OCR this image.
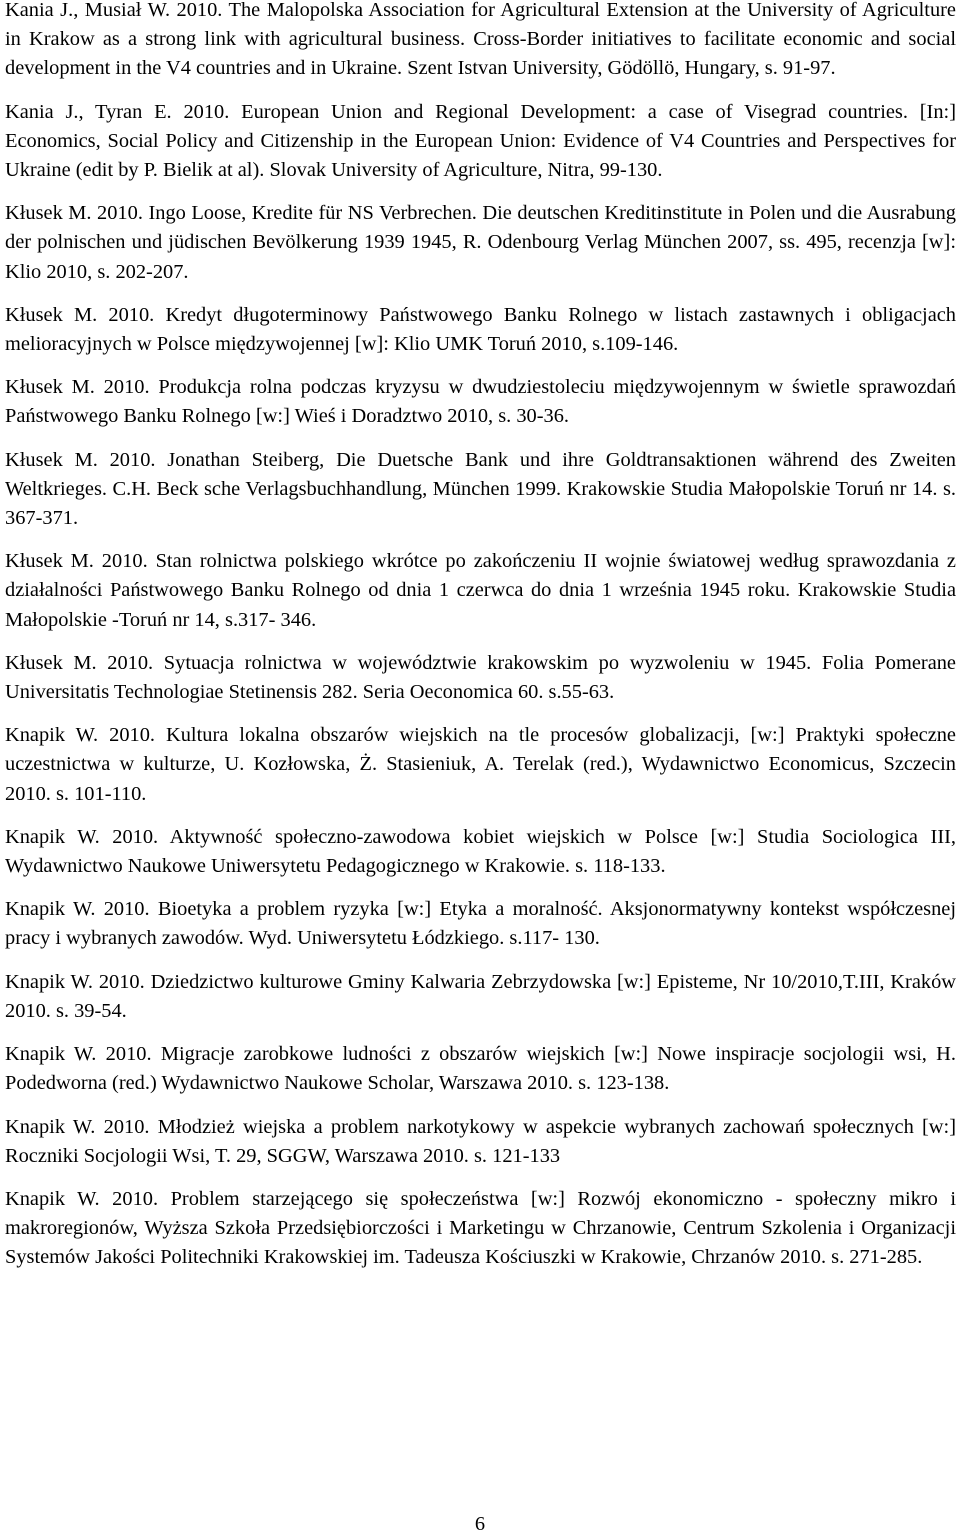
Kania J., Musiał W. 2010. The Malopolska Association for Agricultural Extension at the University of Agriculture in Krakow as a strong link with agricultural business. Cross-Border initiatives to facilitate economic and social development in the V4 countries and in Ukraine. Szent Istvan University, Gödöllö, Hungary, s. 91-97.

Kania J., Tyran E. 2010. European Union and Regional Development: a case of Visegrad countries. [In:] Economics, Social Policy and Citizenship in the European Union: Evidence of V4 Countries and Perspectives for Ukraine (edit by P. Bielik at al). Slovak University of Agriculture, Nitra, 99-130.

Kłusek M. 2010. Ingo Loose, Kredite für NS Verbrechen. Die deutschen Kreditinstitute in Polen und die Ausrabung der polnischen und jüdischen Bevölkerung 1939 1945, R. Odenbourg Verlag München 2007, ss. 495, recenzja [w]: Klio 2010, s. 202-207.

Kłusek M. 2010. Kredyt długoterminowy Państwowego Banku Rolnego w listach zastawnych i obligacjach melioracyjnych w Polsce międzywojennej [w]: Klio UMK Toruń 2010, s.109-146.

Kłusek M. 2010. Produkcja rolna podczas kryzysu w dwudziestoleciu międzywojennym w świetle sprawozdań Państwowego Banku Rolnego [w:] Wieś i Doradztwo 2010, s. 30-36.

Kłusek M. 2010. Jonathan Steiberg, Die Duetsche Bank und ihre Goldtransaktionen während des Zweiten Weltkrieges. C.H. Beck sche Verlagsbuchhandlung, München 1999. Krakowskie Studia Małopolskie Toruń nr 14. s. 367-371.

Kłusek M. 2010. Stan rolnictwa polskiego wkrótce po zakończeniu II wojnie światowej według sprawozdania z działalności Państwowego Banku Rolnego od dnia 1 czerwca do dnia 1 września 1945 roku. Krakowskie Studia Małopolskie -Toruń nr 14, s.317- 346.

Kłusek M. 2010. Sytuacja rolnictwa w województwie krakowskim po wyzwoleniu w 1945. Folia Pomerane Universitatis Technologiae Stetinensis 282. Seria Oeconomica 60. s.55-63.

Knapik W. 2010. Kultura lokalna obszarów wiejskich na tle procesów globalizacji, [w:] Praktyki społeczne uczestnictwa w kulturze, U. Kozłowska, Ż. Stasieniuk, A. Terelak (red.), Wydawnictwo Economicus, Szczecin 2010. s. 101-110.

Knapik W. 2010. Aktywność społeczno-zawodowa kobiet wiejskich w Polsce [w:] Studia Sociologica III, Wydawnictwo Naukowe Uniwersytetu Pedagogicznego w Krakowie. s. 118-133.

Knapik W. 2010. Bioetyka a problem ryzyka [w:] Etyka a moralność. Aksjonormatywny kontekst współczesnej pracy i wybranych zawodów. Wyd. Uniwersytetu Łódzkiego. s.117- 130.

Knapik W. 2010. Dziedzictwo kulturowe Gminy Kalwaria Zebrzydowska [w:] Episteme, Nr 10/2010,T.III, Kraków 2010. s. 39-54.

Knapik W. 2010. Migracje zarobkowe ludności z obszarów wiejskich [w:] Nowe inspiracje socjologii wsi, H. Podedworna (red.) Wydawnictwo Naukowe Scholar, Warszawa 2010. s. 123-138.

Knapik W. 2010. Młodzież wiejska a problem narkotykowy w aspekcie wybranych zachowań społecznych [w:] Roczniki Socjologii Wsi, T. 29, SGGW, Warszawa 2010. s. 121-133

Knapik W. 2010. Problem starzejącego się społeczeństwa [w:] Rozwój ekonomiczno - społeczny mikro i makroregionów, Wyższa Szkoła Przedsiębiorczości i Marketingu w Chrzanowie, Centrum Szkolenia i Organizacji Systemów Jakości Politechniki Krakowskiej im. Tadeusza Kościuszki w Krakowie, Chrzanów 2010. s. 271-285.

6
